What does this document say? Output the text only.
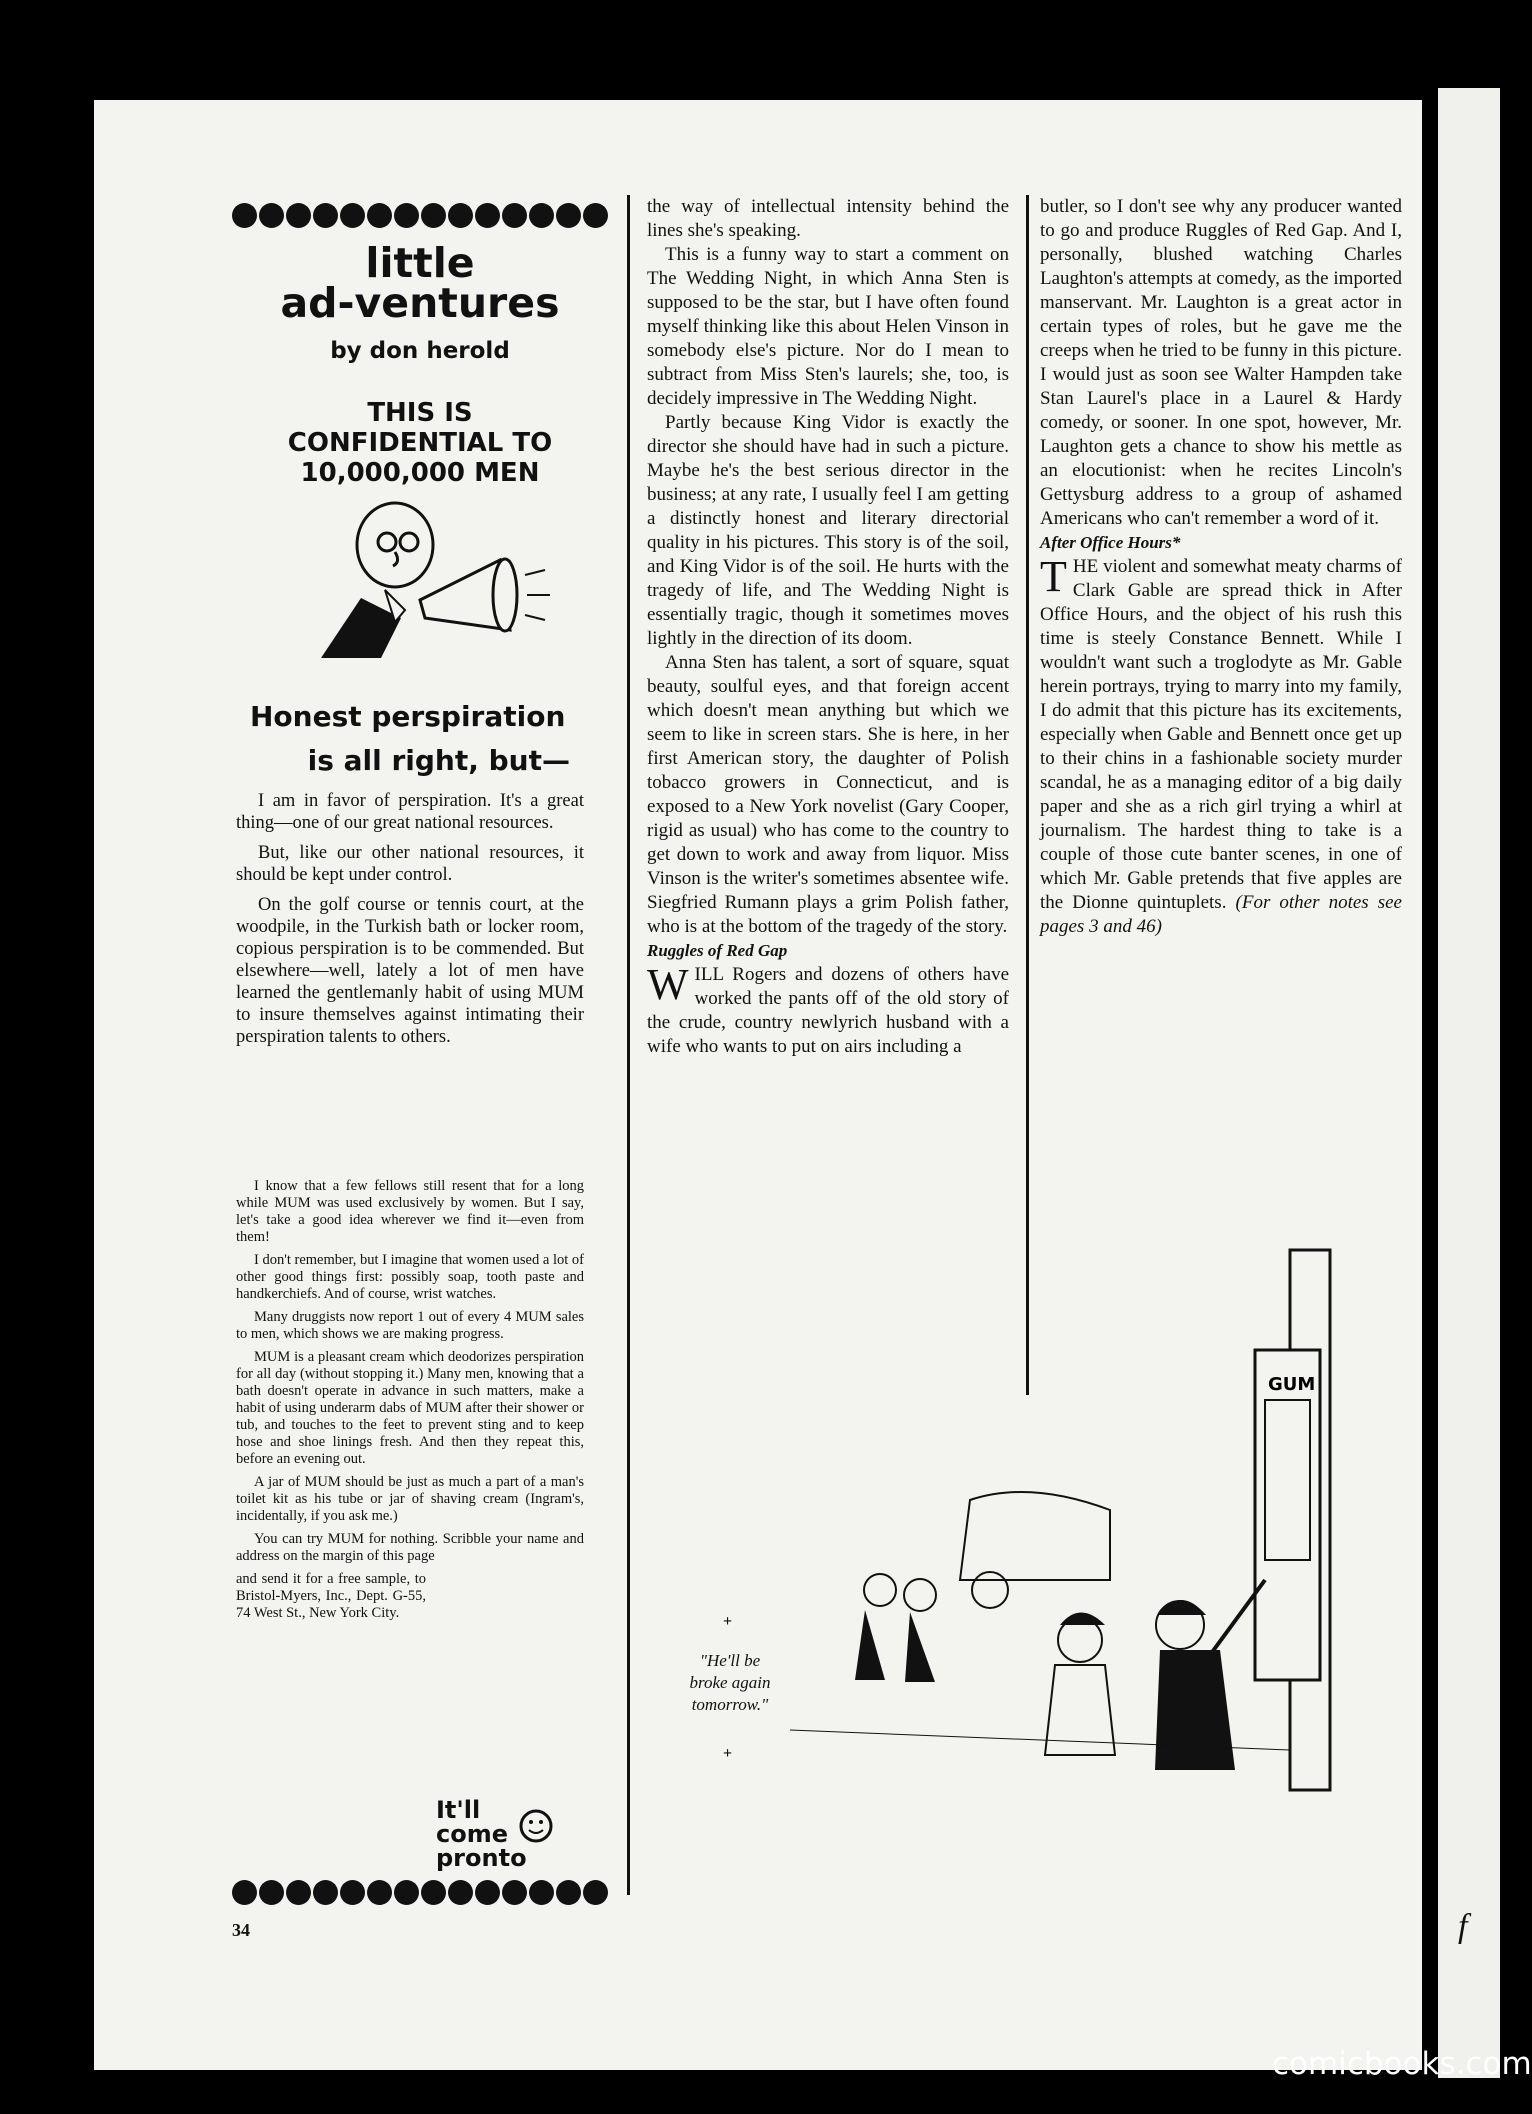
f
little
ad-ventures
by don herold
THIS IS
CONFIDENTIAL TO
10,000,000 MEN
Honest perspiration
is all right, but—

I am in favor of perspiration. It's a great thing—one of our great national resources.

But, like our other national resources, it should be kept under control.

On the golf course or tennis court, at the woodpile, in the Turkish bath or locker room, copious perspiration is to be commended. But elsewhere—well, lately a lot of men have learned the gentlemanly habit of using MUM to insure themselves against intimating their perspiration talents to others.

I know that a few fellows still resent that for a long while MUM was used exclusively by women. But I say, let's take a good idea wherever we find it—even from them!

I don't remember, but I imagine that women used a lot of other good things first: possibly soap, tooth paste and handkerchiefs. And of course, wrist watches.

Many druggists now report 1 out of every 4 MUM sales to men, which shows we are making progress.

MUM is a pleasant cream which deodorizes perspiration for all day (without stopping it.) Many men, knowing that a bath doesn't operate in advance in such matters, make a habit of using underarm dabs of MUM after their shower or tub, and touches to the feet to prevent sting and to keep hose and shoe linings fresh. And then they repeat this, before an evening out.

A jar of MUM should be just as much a part of a man's toilet kit as his tube or jar of shaving cream (Ingram's, incidentally, if you ask me.)

You can try MUM for nothing. Scribble your name and address on the margin of this page

and send it for a free sample, to Bristol-Myers, Inc., Dept. G-55, 74 West St., New York City.

It'll
come
pronto
34

the way of intellectual intensity behind the lines she's speaking.

This is a funny way to start a comment on The Wedding Night, in which Anna Sten is supposed to be the star, but I have often found myself thinking like this about Helen Vinson in somebody else's picture. Nor do I mean to subtract from Miss Sten's laurels; she, too, is decidely impressive in The Wedding Night.

Partly because King Vidor is exactly the director she should have had in such a picture. Maybe he's the best serious director in the business; at any rate, I usually feel I am getting a distinctly honest and literary directorial quality in his pictures. This story is of the soil, and King Vidor is of the soil. He hurts with the tragedy of life, and The Wedding Night is essentially tragic, though it sometimes moves lightly in the direction of its doom.

Anna Sten has talent, a sort of square, squat beauty, soulful eyes, and that foreign accent which doesn't mean anything but which we seem to like in screen stars. She is here, in her first American story, the daughter of Polish tobacco growers in Connecticut, and is exposed to a New York novelist (Gary Cooper, rigid as usual) who has come to the country to get down to work and away from liquor. Miss Vinson is the writer's sometimes absentee wife. Siegfried Rumann plays a grim Polish father, who is at the bottom of the tragedy of the story.

Ruggles of Red Gap

WILL Rogers and dozens of others have worked the pants off of the old story of the crude, country newlyrich husband with a wife who wants to put on airs including a

butler, so I don't see why any producer wanted to go and produce Ruggles of Red Gap. And I, personally, blushed watching Charles Laughton's attempts at comedy, as the imported manservant. Mr. Laughton is a great actor in certain types of roles, but he gave me the creeps when he tried to be funny in this picture. I would just as soon see Walter Hampden take Stan Laurel's place in a Laurel & Hardy comedy, or sooner. In one spot, however, Mr. Laughton gets a chance to show his mettle as an elocutionist: when he recites Lincoln's Gettysburg address to a group of ashamed Americans who can't remember a word of it.

After Office Hours*

THE violent and somewhat meaty charms of Clark Gable are spread thick in After Office Hours, and the object of his rush this time is steely Constance Bennett. While I wouldn't want such a troglodyte as Mr. Gable herein portrays, trying to marry into my family, I do admit that this picture has its excitements, especially when Gable and Bennett once get up to their chins in a fashionable society murder scandal, he as a managing editor of a big daily paper and she as a rich girl trying a whirl at journalism. The hardest thing to take is a couple of those cute banter scenes, in one of which Mr. Gable pretends that five apples are the Dionne quintuplets. (For other notes see pages 3 and 46)

GUM
+
"He'll be broke again tomorrow."
+
comicbooks.com
